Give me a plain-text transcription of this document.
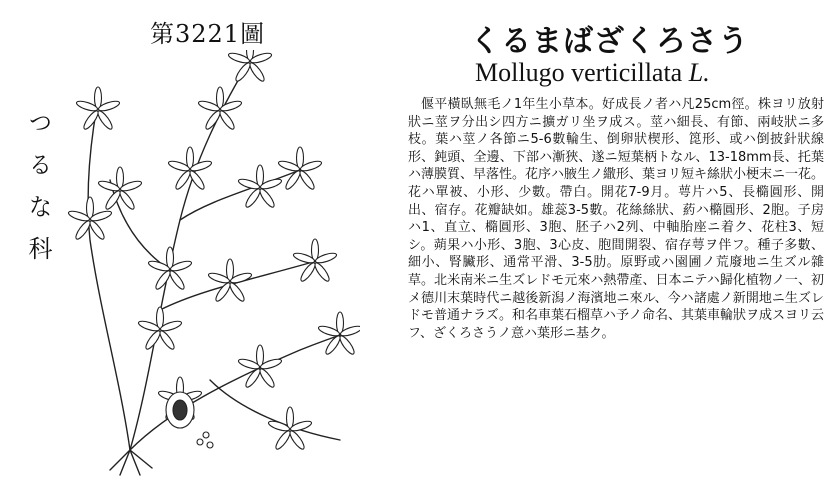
第3221圖
つるな科
くるまばざくろさう
Mollugo verticillata L.
偃平橫臥無毛ノ1年生小草本。好成長ノ者ハ凡25cm徑。株ヨリ放射狀ニ莖ヲ分出シ四方ニ擴ガリ坐ヲ成ス。莖ハ細長、有節、兩岐狀ニ多枝。葉ハ莖ノ各節ニ5-6數輪生、倒卵狀楔形、箆形、或ハ倒披針狀線形、鈍頭、全邊、下部ハ漸狹、遂ニ短葉柄トなル、13-18mm長、托葉ハ薄膜質、早落性。花序ハ腋生ノ繖形、葉ヨリ短キ絲狀小梗末ニ一花。花ハ單被、小形、少數。帶白。開花7-9月。萼片ハ5、長橢圓形、開出、宿存。花瓣缺如。雄蕊3-5數。花絲絲狀、葯ハ橢圓形、2胞。子房ハ1、直立、橢圓形、3胞、胚子ハ2列、中軸胎座ニ着ク、花柱3、短シ。蒴果ハ小形、3胞、3心皮、胞間開裂、宿存萼ヲ伴フ。種子多數、細小、腎臟形、通常平滑、3-5肋。原野或ハ園圃ノ荒廢地ニ生ズル雜草。北米南米ニ生ズレドモ元來ハ熱帶產、日本ニテハ歸化植物ノ一、初メ德川末葉時代ニ越後新潟ノ海濱地ニ來ル、今ハ諸處ノ新開地ニ生ズレドモ普通ナラズ。和名車葉石榴草ハ予ノ命名、其葉車輪狀ヲ成スヨリ云フ、ざくろさうノ意ハ葉形ニ基ク。
